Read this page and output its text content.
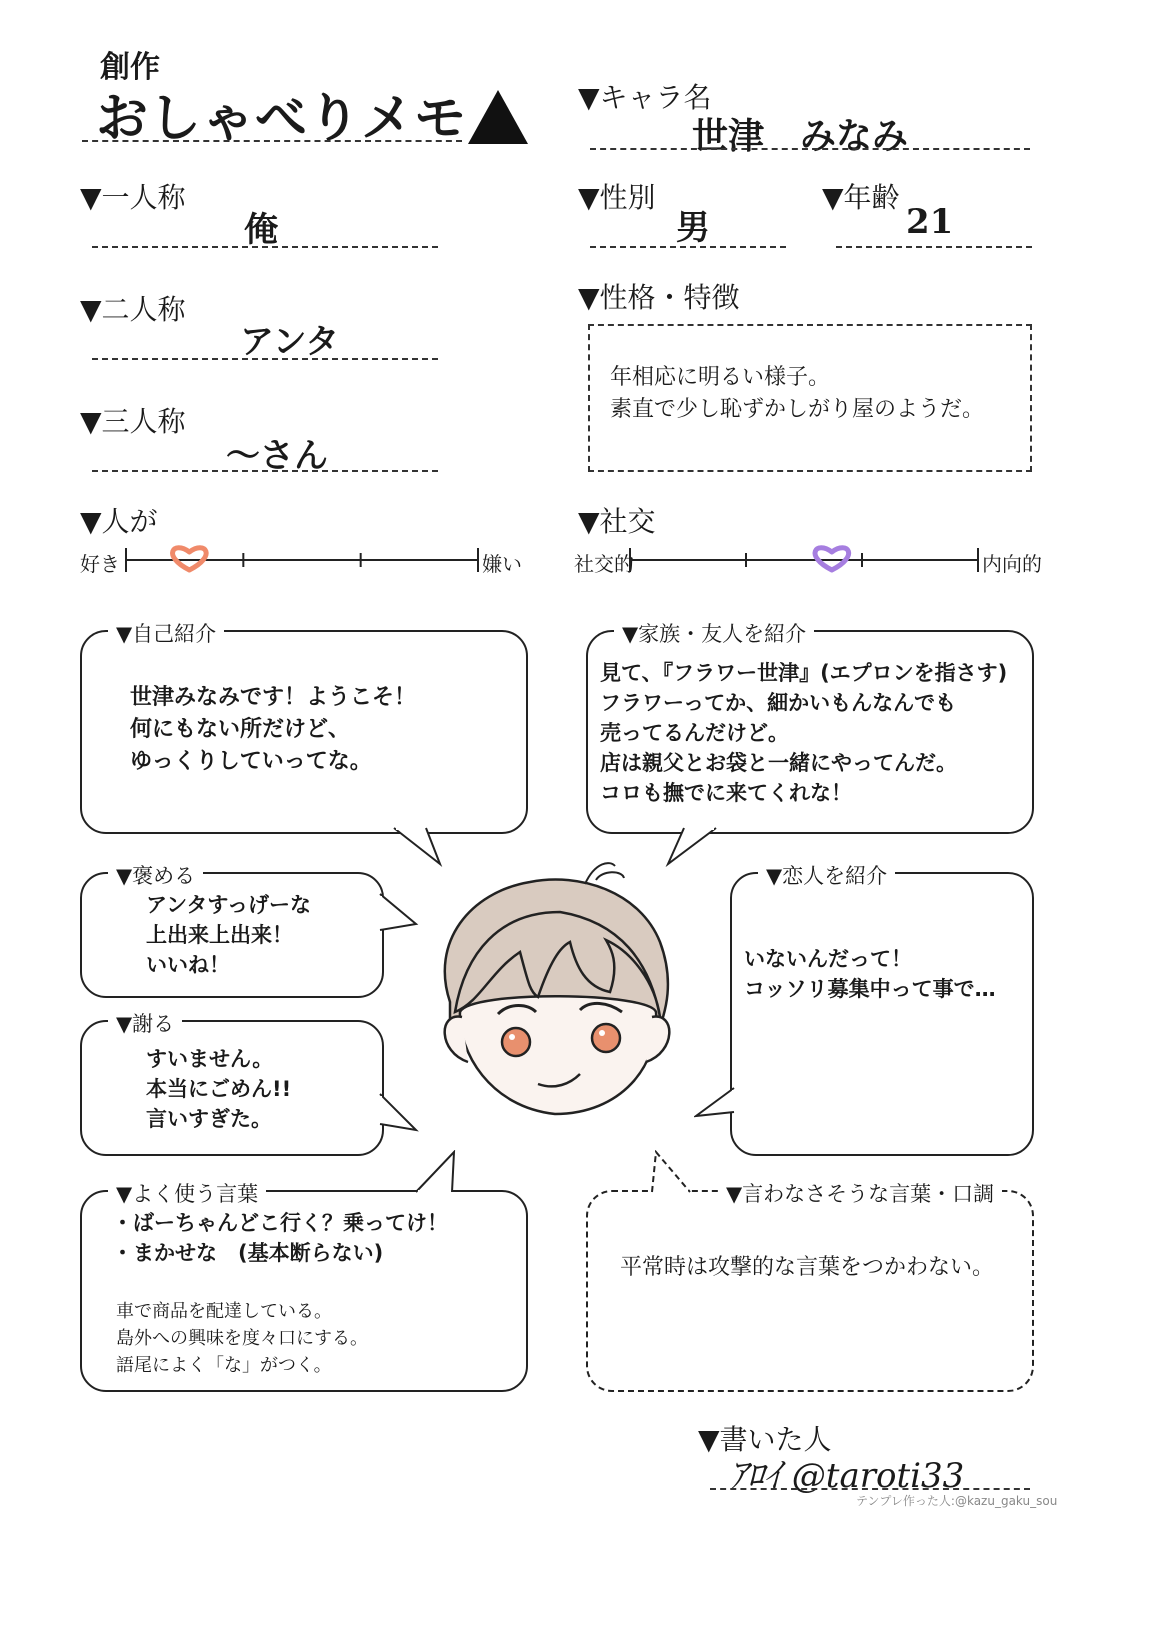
創作
おしゃべりメモ	▼キャラ名
世津　みなみ
▼一人称
俺
▼二人称
アンタ
▼三人称
〜さん
▼性別
男
▼年齢
21
▼性格・特徴
年相応に明るい様子。
素直で少し恥ずかしがり屋のようだ。
▼人が
好き	嫌い
▼社交
社交的	内向的
▼自己紹介
世津みなみです！ようこそ！
何にもない所だけど、
ゆっくりしていってな。
▼家族・友人を紹介
見て、『フラワー世津』(エプロンを指さす)
フラワーってか、細かいもんなんでも
売ってるんだけど。
店は親父とお袋と一緒にやってんだ。
コロも撫でに来てくれな！
▼褒める
アンタすっげーな
上出来上出来！
いいね！
▼謝る
すいません。
本当にごめん!!
言いすぎた。
▼恋人を紹介
いないんだって！
コッソリ募集中って事で…
▼よく使う言葉
・ばーちゃんどこ行く？乗ってけ！
・まかせな　(基本断らない)
車で商品を配達している。
島外への興味を度々口にする。
語尾によく「な」がつく。
▼言わなさそうな言葉・口調
平常時は攻撃的な言葉をつかわない。
▼書いた人
ｱﾛｲ @taroti33
テンプレ作った人:@kazu_gaku_sou
